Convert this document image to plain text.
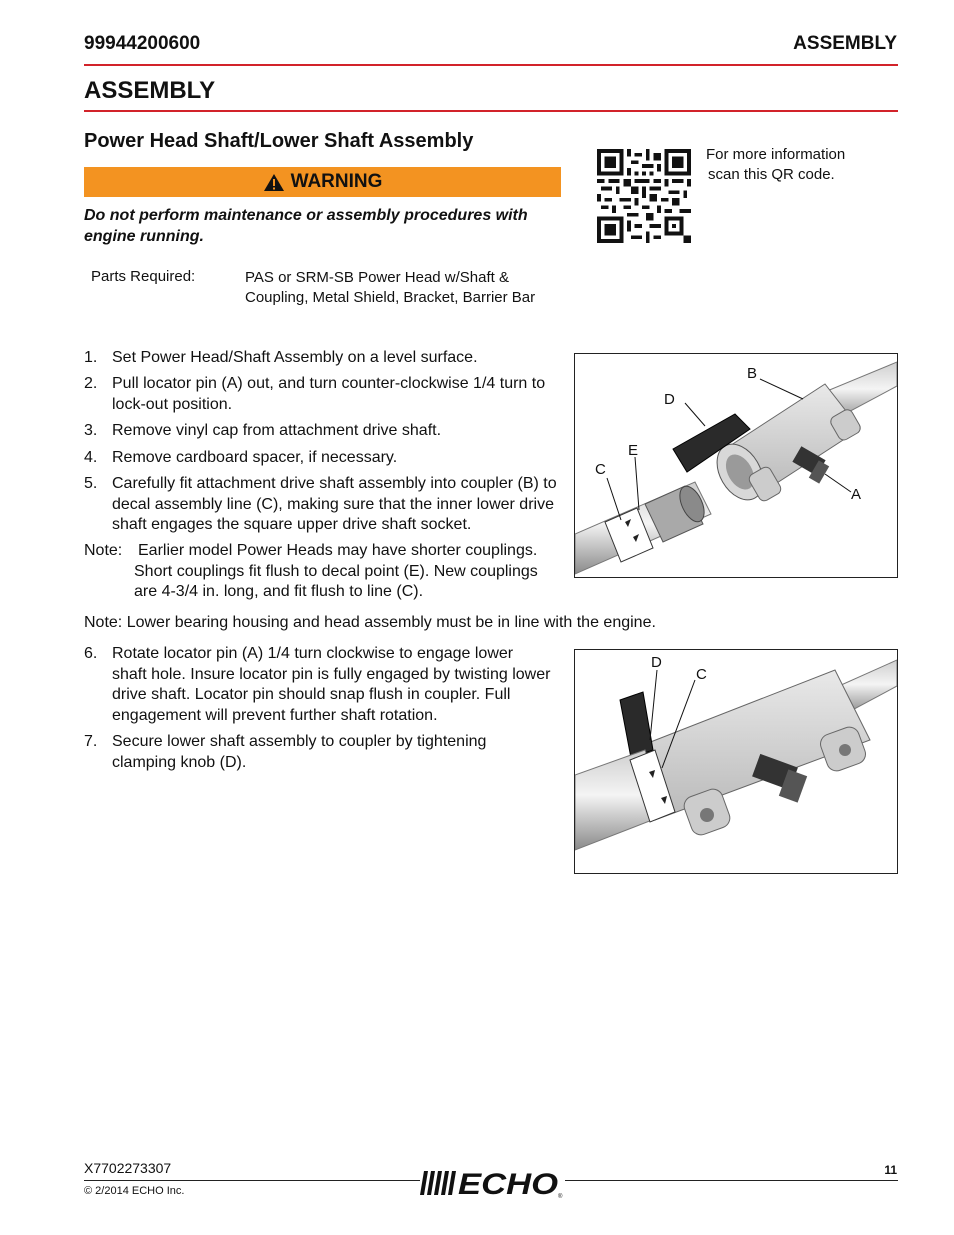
99944200600	ASSEMBLY
ASSEMBLY
Power Head Shaft/Lower Shaft Assembly
WARNING
Do not perform maintenance or assembly procedures with engine running.
Parts Required:	PAS or SRM-SB Power Head w/Shaft &
Coupling, Metal Shield, Bracket, Barrier Bar
For more information
scan this QR code.
1. Set Power Head/Shaft Assembly on a level surface.
2. Pull locator pin (A) out, and turn counter-clockwise 1/4 turn to lock-out position.
3. Remove vinyl cap from attachment drive shaft.
4. Remove cardboard spacer, if necessary.
5. Carefully fit attachment drive shaft assembly into coupler (B) to decal assembly line (C), making sure that the inner lower drive shaft engages the square upper drive shaft socket.
Note: Earlier model Power Heads may have shorter couplings. Short couplings fit flush to decal point (E). New couplings are 4-3/4 in. long, and fit flush to line (C).
Note: Lower bearing housing and head assembly must be in line with the engine.
6. Rotate locator pin (A) 1/4 turn clockwise to engage lower shaft hole. Insure locator pin is fully engaged by twisting lower drive shaft. Locator pin should snap flush in coupler. Full engagement will prevent further shaft rotation.
7. Secure lower shaft assembly to coupler by tightening clamping knob (D).
B
D
E
C
A
D
C
X7702273307
© 2/2014 ECHO Inc.
11
ECHO ®
